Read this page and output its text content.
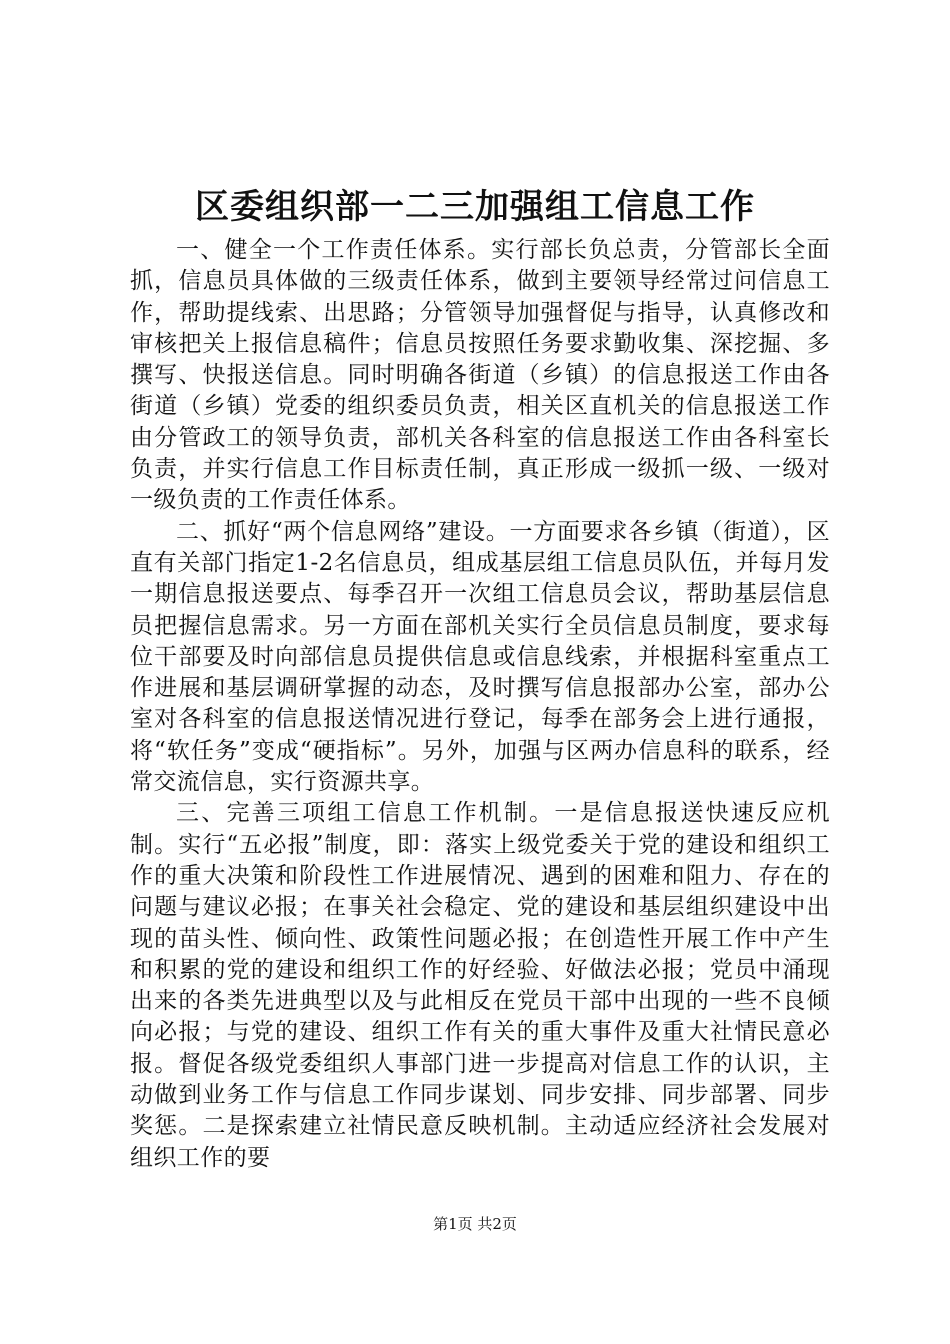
区委组织部一二三加强组工信息工作

一、健全一个工作责任体系。实行部长负总责，分管部长全面抓，信息员具体做的三级责任体系，做到主要领导经常过问信息工作，帮助提线索、出思路；分管领导加强督促与指导，认真修改和审核把关上报信息稿件；信息员按照任务要求勤收集、深挖掘、多撰写、快报送信息。同时明确各街道（乡镇）的信息报送工作由各街道（乡镇）党委的组织委员负责，相关区直机关的信息报送工作由分管政工的领导负责，部机关各科室的信息报送工作由各科室长负责，并实行信息工作目标责任制，真正形成一级抓一级、一级对一级负责的工作责任体系。

二、抓好“两个信息网络”建设。一方面要求各乡镇（街道），区直有关部门指定1-2名信息员，组成基层组工信息员队伍，并每月发一期信息报送要点、每季召开一次组工信息员会议，帮助基层信息员把握信息需求。另一方面在部机关实行全员信息员制度，要求每位干部要及时向部信息员提供信息或信息线索，并根据科室重点工作进展和基层调研掌握的动态，及时撰写信息报部办公室，部办公室对各科室的信息报送情况进行登记，每季在部务会上进行通报，将“软任务”变成“硬指标”。另外，加强与区两办信息科的联系，经常交流信息，实行资源共享。

三、完善三项组工信息工作机制。一是信息报送快速反应机制。实行“五必报”制度，即：落实上级党委关于党的建设和组织工作的重大决策和阶段性工作进展情况、遇到的困难和阻力、存在的问题与建议必报；在事关社会稳定、党的建设和基层组织建设中出现的苗头性、倾向性、政策性问题必报；在创造性开展工作中产生和积累的党的建设和组织工作的好经验、好做法必报；党员中涌现出来的各类先进典型以及与此相反在党员干部中出现的一些不良倾向必报；与党的建设、组织工作有关的重大事件及重大社情民意必报。督促各级党委组织人事部门进一步提高对信息工作的认识，主动做到业务工作与信息工作同步谋划、同步安排、同步部署、同步奖惩。二是探索建立社情民意反映机制。主动适应经济社会发展对组织工作的要

第1页 共2页
